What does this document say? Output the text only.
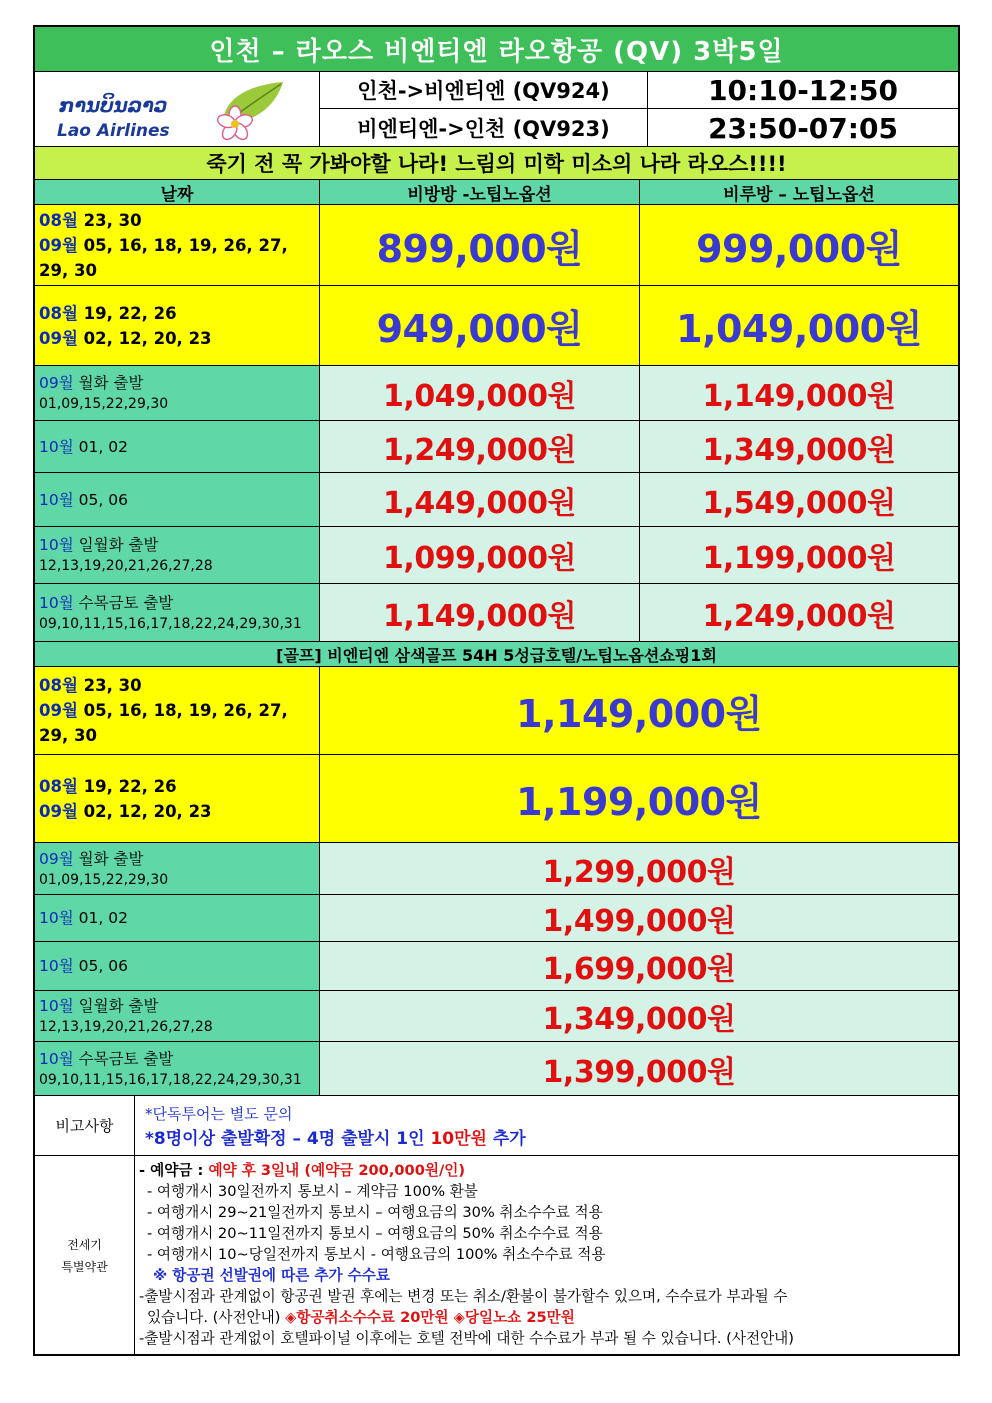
인천 – 라오스 비엔티엔 라오항공 (QV) 3박5일
ການບິນລາວ
Lao Airlines
인천->비엔티엔 (QV924)	10:10-12:50
비엔티엔->인천 (QV923)	23:50-07:05
죽기 전 꼭 가봐야할 나라! 느림의 미학 미소의 나라 라오스!!!!
날짜	비방방 -노팁노옵션	비루방 – 노팁노옵션
08월 23, 30
09월 05, 16, 18, 19, 26, 27,
29, 30	899,000원	999,000원
08월 19, 22, 26
09월 02, 12, 20, 23	949,000원	1,049,000원
09월 월화 출발
01,09,15,22,29,30	1,049,000원	1,149,000원
10월 01, 02	1,249,000원	1,349,000원
10월 05, 06	1,449,000원	1,549,000원
10월 일월화 출발
12,13,19,20,21,26,27,28	1,099,000원	1,199,000원
10월 수목금토 출발
09,10,11,15,16,17,18,22,24,29,30,31	1,149,000원	1,249,000원
[골프] 비엔티엔 삼색골프 54H 5성급호텔/노팁노옵션쇼핑1회
08월 23, 30
09월 05, 16, 18, 19, 26, 27,
29, 30	1,149,000원
08월 19, 22, 26
09월 02, 12, 20, 23	1,199,000원
09월 월화 출발
01,09,15,22,29,30	1,299,000원
10월 01, 02	1,499,000원
10월 05, 06	1,699,000원
10월 일월화 출발
12,13,19,20,21,26,27,28	1,349,000원
10월 수목금토 출발
09,10,11,15,16,17,18,22,24,29,30,31	1,399,000원
비고사항
*단독투어는 별도 문의
*8명이상 출발확정 – 4명 출발시 1인 10만원 추가
전세기
특별약관
- 예약금 : 예약 후 3일내 (예약금 200,000원/인)
- 여행개시 30일전까지 통보시 – 계약금 100% 환불
- 여행개시 29~21일전까지 통보시 – 여행요금의 30% 취소수수료 적용
- 여행개시 20~11일전까지 통보시 – 여행요금의 50% 취소수수료 적용
- 여행개시 10~당일전까지 통보시 - 여행요금의 100% 취소수수료 적용
※ 항공권 선발권에 따른 추가 수수료
-출발시점과 관계없이 항공권 발권 후에는 변경 또는 취소/환불이 불가할수 있으며, 수수료가 부과될 수
있습니다. (사전안내) ◈항공취소수수료 20만원 ◈당일노쇼 25만원
-출발시점과 관계없이 호텔파이널 이후에는 호텔 전박에 대한 수수료가 부과 될 수 있습니다. (사전안내)
